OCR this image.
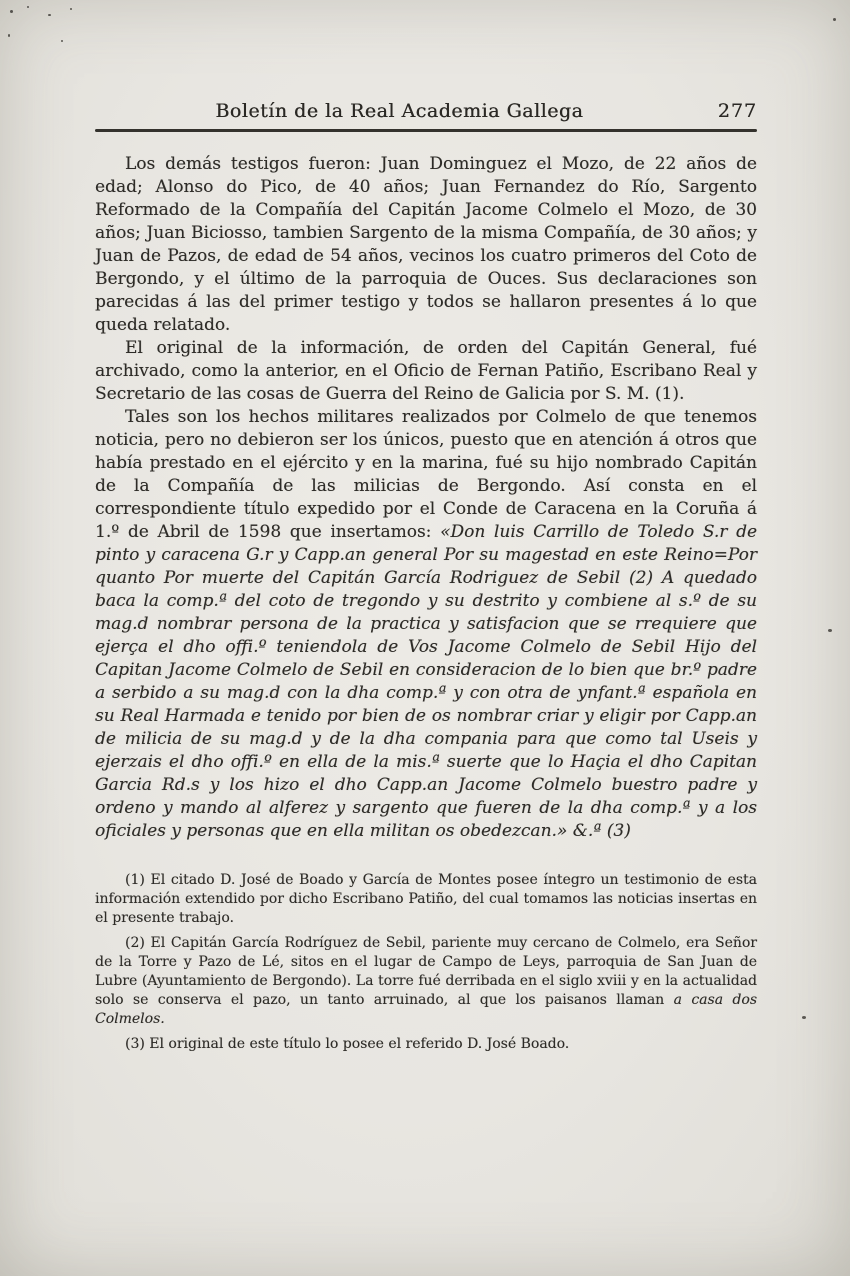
Boletín de la Real Academia Gallega	277

Los demás testigos fueron: Juan Dominguez el Mozo, de 22 años de edad; Alonso do Pico, de 40 años; Juan Fernandez do Río, Sargento Reformado de la Compañía del Capitán Jacome Colmelo el Mozo, de 30 años; Juan Biciosso, tambien Sargento de la misma Compañía, de 30 años; y Juan de Pazos, de edad de 54 años, vecinos los cuatro primeros del Coto de Bergondo, y el último de la parroquia de Ouces. Sus declaraciones son parecidas á las del primer testigo y todos se hallaron presentes á lo que queda relatado.

El original de la información, de orden del Capitán General, fué archivado, como la anterior, en el Oficio de Fernan Patiño, Escribano Real y Secretario de las cosas de Guerra del Reino de Galicia por S. M. (1).

Tales son los hechos militares realizados por Colmelo de que tenemos noticia, pero no debieron ser los únicos, puesto que en atención á otros que había prestado en el ejército y en la marina, fué su hijo nombrado Capitán de la Compañía de las milicias de Bergondo. Así consta en el correspondiente título expedido por el Conde de Caracena en la Coruña á 1.º de Abril de 1598 que insertamos: «Don luis Carrillo de Toledo S.r de pinto y caracena G.r y Capp.an general Por su magestad en este Reino=Por quanto Por muerte del Capitán García Rodriguez de Sebil (2) A quedado baca la comp.ª del coto de tregondo y su destrito y combiene al s.º de su mag.d nombrar persona de la practica y satisfacion que se rrequiere que ejerça el dho offi.º teniendola de Vos Jacome Colmelo de Sebil Hijo del Capitan Jacome Colmelo de Sebil en consideracion de lo bien que br.º padre a serbido a su mag.d con la dha comp.ª y con otra de ynfant.ª española en su Real Harmada e tenido por bien de os nombrar criar y eligir por Capp.an de milicia de su mag.d y de la dha compania para que como tal Useis y ejerzais el dho offi.º en ella de la mis.ª suerte que lo Haçia el dho Capitan Garcia Rd.s y los hizo el dho Capp.an Jacome Colmelo buestro padre y ordeno y mando al alferez y sargento que fueren de la dha comp.ª y a los oficiales y personas que en ella militan os obedezcan.» &.ª (3)

(1) El citado D. José de Boado y García de Montes posee íntegro un testimonio de esta información extendido por dicho Escribano Patiño, del cual tomamos las noticias insertas en el presente trabajo.

(2) El Capitán García Rodríguez de Sebil, pariente muy cercano de Colmelo, era Señor de la Torre y Pazo de Lé, sitos en el lugar de Campo de Leys, parroquia de San Juan de Lubre (Ayuntamiento de Bergondo). La torre fué derribada en el siglo xviii y en la actualidad solo se conserva el pazo, un tanto arruinado, al que los paisanos llaman a casa dos Colmelos.

(3) El original de este título lo posee el referido D. José Boado.
